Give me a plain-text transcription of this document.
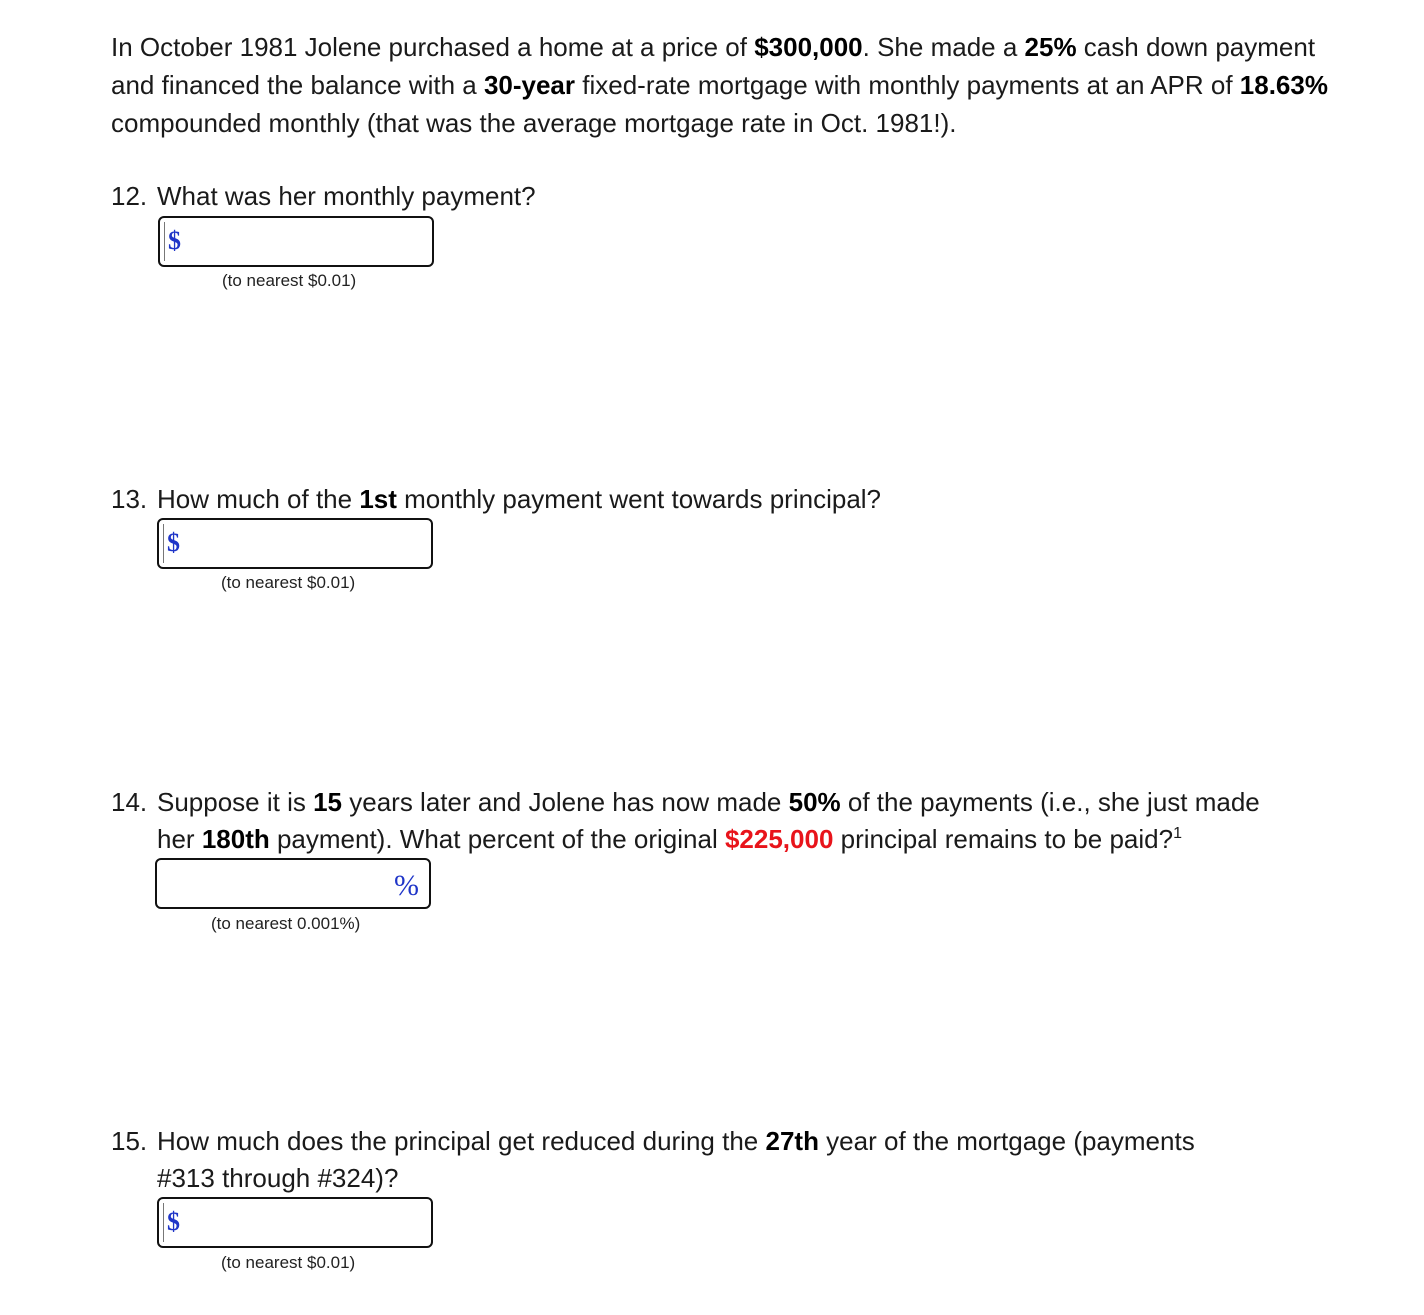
In October 1981 Jolene purchased a home at a price of $300,000. She made a 25% cash down payment and financed the balance with a 30-year fixed-rate mortgage with monthly payments at an APR of 18.63% compounded monthly (that was the average mortgage rate in Oct. 1981!).
12. What was her monthly payment?
$
(to nearest $0.01)
13. How much of the 1st monthly payment went towards principal?
$
(to nearest $0.01)
14. Suppose it is 15 years later and Jolene has now made 50% of the payments (i.e., she just made
her 180th payment). What percent of the original $225,000 principal remains to be paid?$^1$
%
(to nearest 0.001%)
15. How much does the principal get reduced during the 27th year of the mortgage (payments
#313 through #324)?
$
(to nearest $0.01)
